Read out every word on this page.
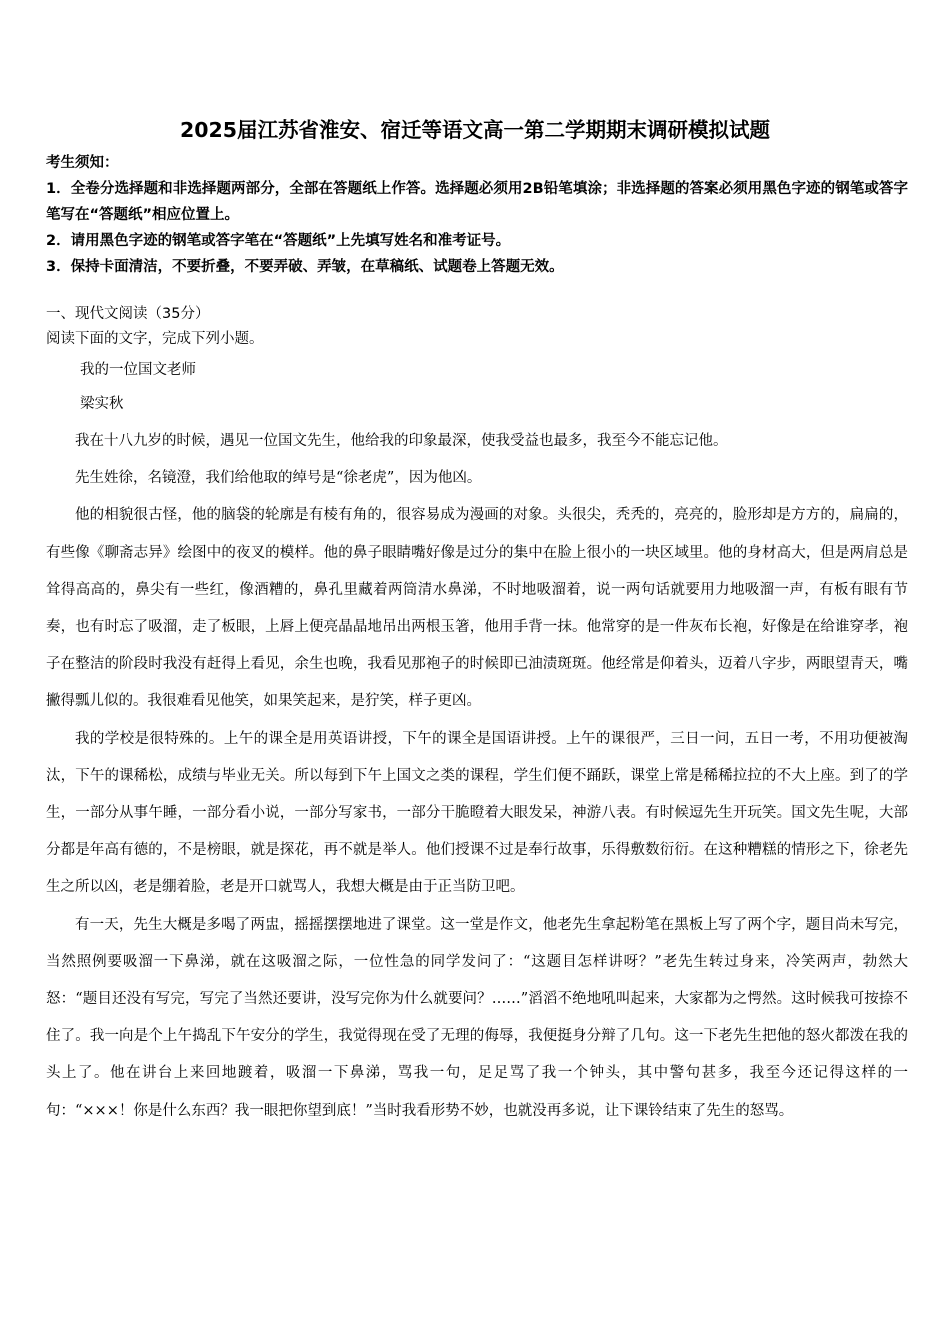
2025届江苏省淮安、宿迁等语文高一第二学期期末调研模拟试题
考生须知：

1．全卷分选择题和非选择题两部分，全部在答题纸上作答。选择题必须用2B铅笔填涂；非选择题的答案必须用黑色字迹的钢笔或答字笔写在“答题纸”相应位置上。

2．请用黑色字迹的钢笔或答字笔在“答题纸”上先填写姓名和准考证号。

3．保持卡面清洁，不要折叠，不要弄破、弄皱，在草稿纸、试题卷上答题无效。

一、现代文阅读（35分）
阅读下面的文字，完成下列小题。
我的一位国文老师
梁实秋

我在十八九岁的时候，遇见一位国文先生，他给我的印象最深，使我受益也最多，我至今不能忘记他。

先生姓徐，名镜澄，我们给他取的绰号是“徐老虎”，因为他凶。

他的相貌很古怪，他的脑袋的轮廓是有棱有角的，很容易成为漫画的对象。头很尖，秃秃的，亮亮的，脸形却是方方的，扁扁的，有些像《聊斋志异》绘图中的夜叉的模样。他的鼻子眼睛嘴好像是过分的集中在脸上很小的一块区域里。他的身材高大，但是两肩总是耸得高高的，鼻尖有一些红，像酒糟的，鼻孔里藏着两筒清水鼻涕，不时地吸溜着，说一两句话就要用力地吸溜一声，有板有眼有节奏，也有时忘了吸溜，走了板眼，上唇上便亮晶晶地吊出两根玉箸，他用手背一抹。他常穿的是一件灰布长袍，好像是在给谁穿孝，袍子在整洁的阶段时我没有赶得上看见，余生也晚，我看见那袍子的时候即已油渍斑斑。他经常是仰着头，迈着八字步，两眼望青天，嘴撇得瓢儿似的。我很难看见他笑，如果笑起来，是狞笑，样子更凶。

我的学校是很特殊的。上午的课全是用英语讲授，下午的课全是国语讲授。上午的课很严，三日一问，五日一考，不用功便被淘汰，下午的课稀松，成绩与毕业无关。所以每到下午上国文之类的课程，学生们便不踊跃，课堂上常是稀稀拉拉的不大上座。到了的学生，一部分从事午睡，一部分看小说，一部分写家书，一部分干脆瞪着大眼发呆，神游八表。有时候逗先生开玩笑。国文先生呢，大部分都是年高有德的，不是榜眼，就是探花，再不就是举人。他们授课不过是奉行故事，乐得敷数衍衍。在这种糟糕的情形之下，徐老先生之所以凶，老是绷着脸，老是开口就骂人，我想大概是由于正当防卫吧。

有一天，先生大概是多喝了两盅，摇摇摆摆地进了课堂。这一堂是作文，他老先生拿起粉笔在黑板上写了两个字，题目尚未写完，当然照例要吸溜一下鼻涕，就在这吸溜之际，一位性急的同学发问了：“这题目怎样讲呀？”老先生转过身来，冷笑两声，勃然大怒：“题目还没有写完，写完了当然还要讲，没写完你为什么就要问？……”滔滔不绝地吼叫起来，大家都为之愕然。这时候我可按捺不住了。我一向是个上午捣乱下午安分的学生，我觉得现在受了无理的侮辱，我便挺身分辩了几句。这一下老先生把他的怒火都泼在我的头上了。他在讲台上来回地踱着，吸溜一下鼻涕，骂我一句，足足骂了我一个钟头，其中警句甚多，我至今还记得这样的一句：“×××！你是什么东西？我一眼把你望到底！”当时我看形势不妙，也就没再多说，让下课铃结束了先生的怒骂。
